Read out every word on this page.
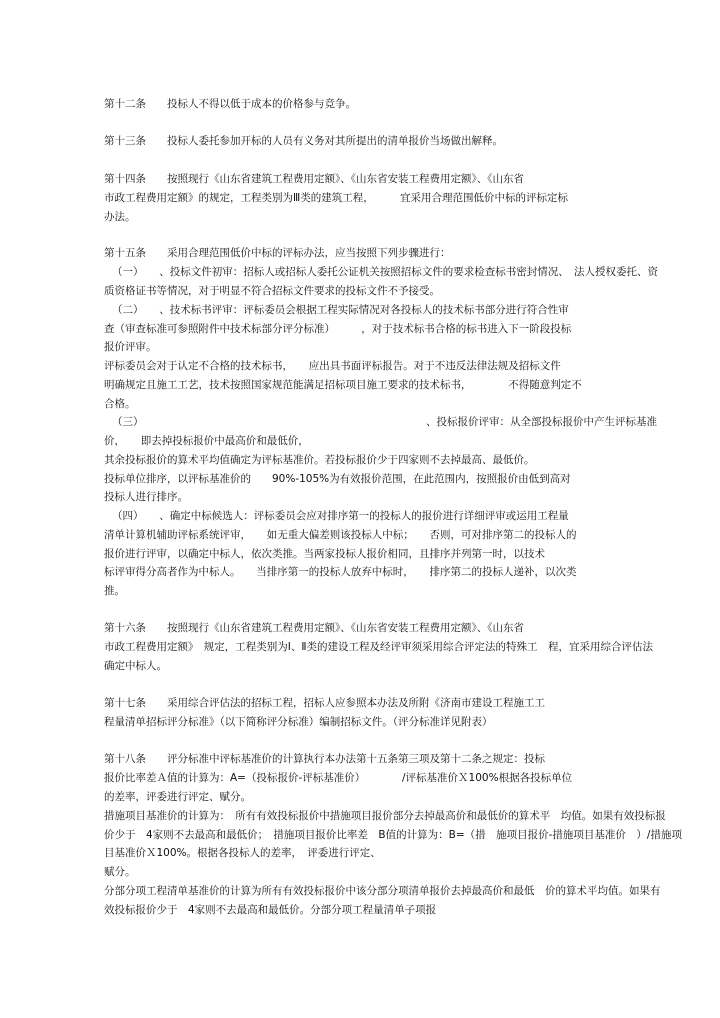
第十二条　　投标人不得以低于成本的价格参与竞争。
第十三条　　投标人委托参加开标的人员有义务对其所提出的清单报价当场做出解释。
第十四条　　按照现行《山东省建筑工程费用定额》、《山东省安装工程费用定额》、《山东省
市政工程费用定额》的规定，工程类别为Ⅲ类的建筑工程，　　　宜采用合理范围低价中标的评标定标
办法。
第十五条　　采用合理范围低价中标的评标办法，应当按照下列步骤进行：
（一）　　、投标文件初审：招标人或招标人委托公证机关按照招标文件的要求检查标书密封情况、　法人授权委托、资
质资格证书等情况，对于明显不符合招标文件要求的投标文件不予接受。
（二）　　、技术标书评审：评标委员会根据工程实际情况对各投标人的技术标书部分进行符合性审
查（审查标准可参照附件中技术标部分评分标准）　　　，对于技术标书合格的标书进入下一阶段投标
报价评审。
评标委员会对于认定不合格的技术标书，　　应出具书面评标报告。对于不违反法律法规及招标文件
明确规定且施工工艺，技术按照国家规范能满足招标项目施工要求的技术标书，　　　　不得随意判定不
合格。
（三）	、投标报价评审：从全部投标报价中产生评标基准
价，　　即去掉投标报价中最高价和最低价，
其余投标报价的算术平均值确定为评标基准价。若投标报价少于四家则不去掉最高、最低价。
投标单位排序，以评标基准价的　　90%-105%为有效报价范围，在此范围内，按照报价由低到高对
投标人进行排序。
（四）　　、确定中标候选人：评标委员会应对排序第一的投标人的报价进行详细评审或运用工程量
清单计算机辅助评标系统评审，　　如无重大偏差则该投标人中标；　　否则，可对排序第二的投标人的
报价进行评审，以确定中标人，依次类推。当两家投标人报价相同，且排序并列第一时，以技术
标评审得分高者作为中标人。　　当排序第一的投标人放弃中标时，　　排序第二的投标人递补，以次类
推。
第十六条　　按照现行《山东省建筑工程费用定额》、《山东省安装工程费用定额》、《山东省
市政工程费用定额》　规定，工程类别为Ⅰ、Ⅱ类的建设工程及经评审须采用综合评定法的特殊工　程，宜采用综合评估法
确定中标人。
第十七条　　采用综合评估法的招标工程，招标人应参照本办法及所附《济南市建设工程施工工
程量清单招标评分标准》（以下简称评分标准）编制招标文件。（评分标准详见附表）
第十八条　　评分标准中评标基准价的计算执行本办法第十五条第三项及第十二条之规定：投标
报价比率差Ａ值的计算为：A=（投标报价-评标基准价）　　　　/评标基准价Ｘ100%根据各投标单位
的差率，评委进行评定、赋分。
措施项目基准价的计算为：　所有有效投标报价中措施项目报价部分去掉最高价和最低价的算术平　均值。如果有效投标报
价少于　4家则不去最高和最低价；　措施项目报价比率差　B值的计算为：B=（措　施项目报价-措施项目基准价　）/措施项
目基准价Ｘ100%。根据各投标人的差率，　评委进行评定、
赋分。
分部分项工程清单基准价的计算为所有有效投标报价中该分部分项清单报价去掉最高价和最低　价的算术平均值。如果有
效投标报价少于　4家则不去最高和最低价。分部分项工程量清单子项报
